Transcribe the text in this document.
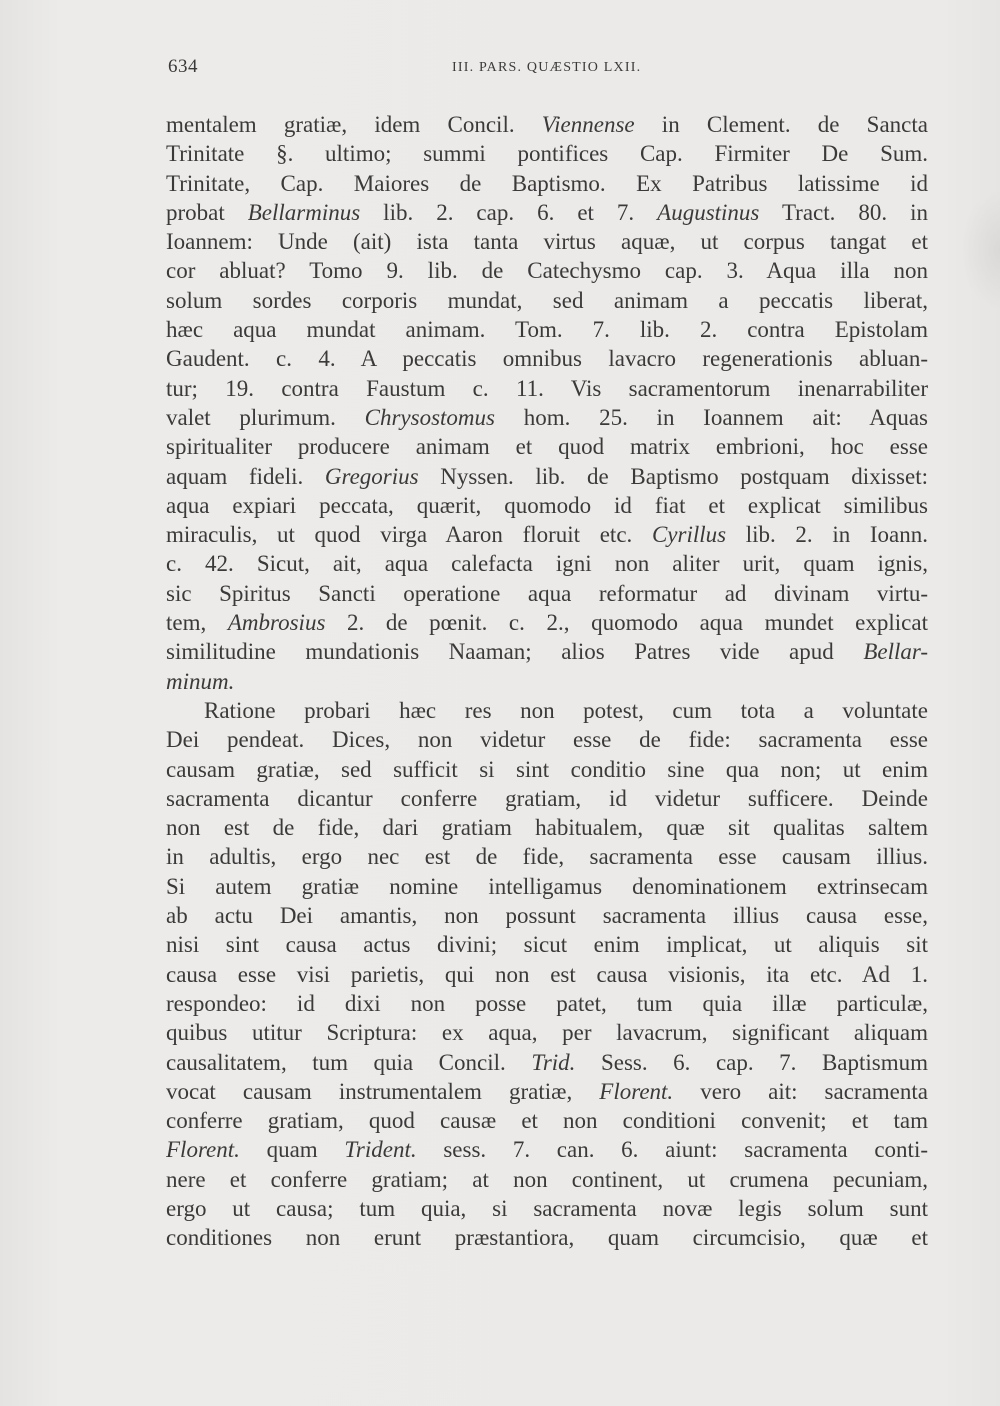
634	III. PARS. QUÆSTIO LXII.
mentalem gratiæ, idem Concil. Viennense in Clement. de Sancta
Trinitate §. ultimo; summi pontifices Cap. Firmiter De Sum.
Trinitate, Cap. Maiores de Baptismo. Ex Patribus latissime id
probat Bellarminus lib. 2. cap. 6. et 7. Augustinus Tract. 80. in
Ioannem: Unde (ait) ista tanta virtus aquæ, ut corpus tangat et
cor abluat? Tomo 9. lib. de Catechysmo cap. 3. Aqua illa non
solum sordes corporis mundat, sed animam a peccatis liberat,
hæc aqua mundat animam. Tom. 7. lib. 2. contra Epistolam
Gaudent. c. 4. A peccatis omnibus lavacro regenerationis abluan-
tur; 19. contra Faustum c. 11. Vis sacramentorum inenarrabiliter
valet plurimum. Chrysostomus hom. 25. in Ioannem ait: Aquas
spiritualiter producere animam et quod matrix embrioni, hoc esse
aquam fideli. Gregorius Nyssen. lib. de Baptismo postquam dixisset:
aqua expiari peccata, quærit, quomodo id fiat et explicat similibus
miraculis, ut quod virga Aaron floruit etc. Cyrillus lib. 2. in Ioann.
c. 42. Sicut, ait, aqua calefacta igni non aliter urit, quam ignis,
sic Spiritus Sancti operatione aqua reformatur ad divinam virtu-
tem, Ambrosius 2. de pœnit. c. 2., quomodo aqua mundet explicat
similitudine mundationis Naaman; alios Patres vide apud Bellar-
minum.
Ratione probari hæc res non potest, cum tota a voluntate
Dei pendeat. Dices, non videtur esse de fide: sacramenta esse
causam gratiæ, sed sufficit si sint conditio sine qua non; ut enim
sacramenta dicantur conferre gratiam, id videtur sufficere. Deinde
non est de fide, dari gratiam habitualem, quæ sit qualitas saltem
in adultis, ergo nec est de fide, sacramenta esse causam illius.
Si autem gratiæ nomine intelligamus denominationem extrinsecam
ab actu Dei amantis, non possunt sacramenta illius causa esse,
nisi sint causa actus divini; sicut enim implicat, ut aliquis sit
causa esse visi parietis, qui non est causa visionis, ita etc. Ad 1.
respondeo: id dixi non posse patet, tum quia illæ particulæ,
quibus utitur Scriptura: ex aqua, per lavacrum, significant aliquam
causalitatem, tum quia Concil. Trid. Sess. 6. cap. 7. Baptismum
vocat causam instrumentalem gratiæ, Florent. vero ait: sacramenta
conferre gratiam, quod causæ et non conditioni convenit; et tam
Florent. quam Trident. sess. 7. can. 6. aiunt: sacramenta conti-
nere et conferre gratiam; at non continent, ut crumena pecuniam,
ergo ut causa; tum quia, si sacramenta novæ legis solum sunt
conditiones non erunt præstantiora, quam circumcisio, quæ et
